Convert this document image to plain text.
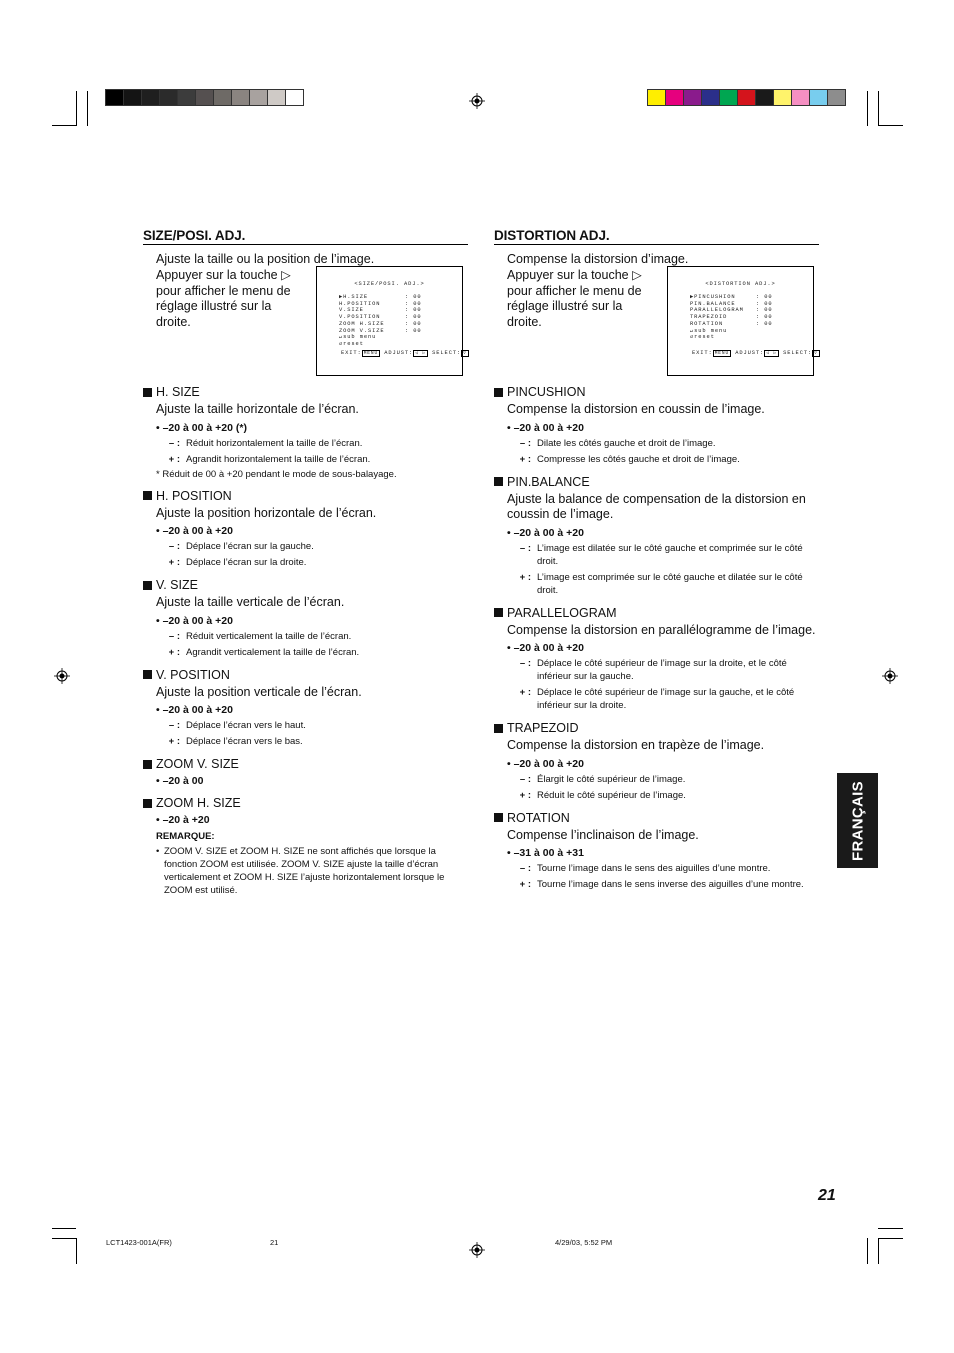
SIZE/POSI. ADJ.
Ajuste la taille ou la position de l’image.
Appuyer sur la touche ▷ pour afficher le menu de réglage illustré sur la droite.
<SIZE/POSI. ADJ.>
▶H.SIZE	: 00
H.POSITION	: 00
V.SIZE	: 00
V.POSITION	: 00
ZOOM H.SIZE	: 00
ZOOM V.SIZE	: 00
↵sub menu
↺reset
EXIT: MENU ADJUST: ◁ ▷ SELECT: ▽
H. SIZE
Ajuste la taille horizontale de l’écran.
• –20 à 00 à +20 (*)
– : Réduit horizontalement la taille de l’écran.
+ : Agrandit horizontalement la taille de l’écran.
* Réduit de 00 à +20 pendant le mode de sous-balayage.
H. POSITION
Ajuste la position horizontale de l’écran.
• –20 à 00 à +20
– : Déplace l’écran sur la gauche.
+ : Déplace l’écran sur la droite.
V. SIZE
Ajuste la taille verticale de l’écran.
• –20 à 00 à +20
– : Réduit verticalement la taille de l’écran.
+ : Agrandit verticalement la taille de l’écran.
V. POSITION
Ajuste la position verticale de l’écran.
• –20 à 00 à +20
– : Déplace l’écran vers le haut.
+ : Déplace l’écran vers le bas.
ZOOM V. SIZE
• –20 à 00
ZOOM H. SIZE
• –20 à +20
REMARQUE:
• ZOOM V. SIZE et ZOOM H. SIZE ne sont affichés que lorsque la fonction ZOOM est utilisée. ZOOM V. SIZE ajuste la taille d’écran verticalement et ZOOM H. SIZE l’ajuste horizontalement lorsque le ZOOM est utilisé.
DISTORTION ADJ.
Compense la distorsion d’image.
Appuyer sur la touche ▷ pour afficher le menu de réglage illustré sur la droite.
<DISTORTION ADJ.>
▶PINCUSHION	: 00
PIN.BALANCE	: 00
PARALLELOGRAM	: 00
TRAPEZOID	: 00
ROTATION	: 00
↵sub menu
↺reset
EXIT: MENU ADJUST: ◁ ▷ SELECT: ▽
PINCUSHION
Compense la distorsion en coussin de l’image.
• –20 à 00 à +20
– : Dilate les côtés gauche et droit de l’image.
+ : Compresse les côtés gauche et droit de l’image.
PIN.BALANCE
Ajuste la balance de compensation de la distorsion en coussin de l’image.
• –20 à 00 à +20
– : L’image est dilatée sur le côté gauche et comprimée sur le côté droit.
+ : L’image est comprimée sur le côté gauche et dilatée sur le côté droit.
PARALLELOGRAM
Compense la distorsion en parallélogramme de l’image.
• –20 à 00 à +20
– : Déplace le côté supérieur de l’image sur la droite, et le côté inférieur sur la gauche.
+ : Déplace le côté supérieur de l’image sur la gauche, et le côté inférieur sur la droite.
TRAPEZOID
Compense la distorsion en trapèze de l’image.
• –20 à 00 à +20
– : Élargit le côté supérieur de l’image.
+ : Réduit le côté supérieur de l’image.
ROTATION
Compense l’inclinaison de l’image.
• –31 à 00 à +31
– : Tourne l’image dans le sens des aiguilles d’une montre.
+ : Tourne l’image dans le sens inverse des aiguilles d’une montre.
FRANÇAIS
21
LCT1423-001A(FR)	21	4/29/03, 5:52 PM
